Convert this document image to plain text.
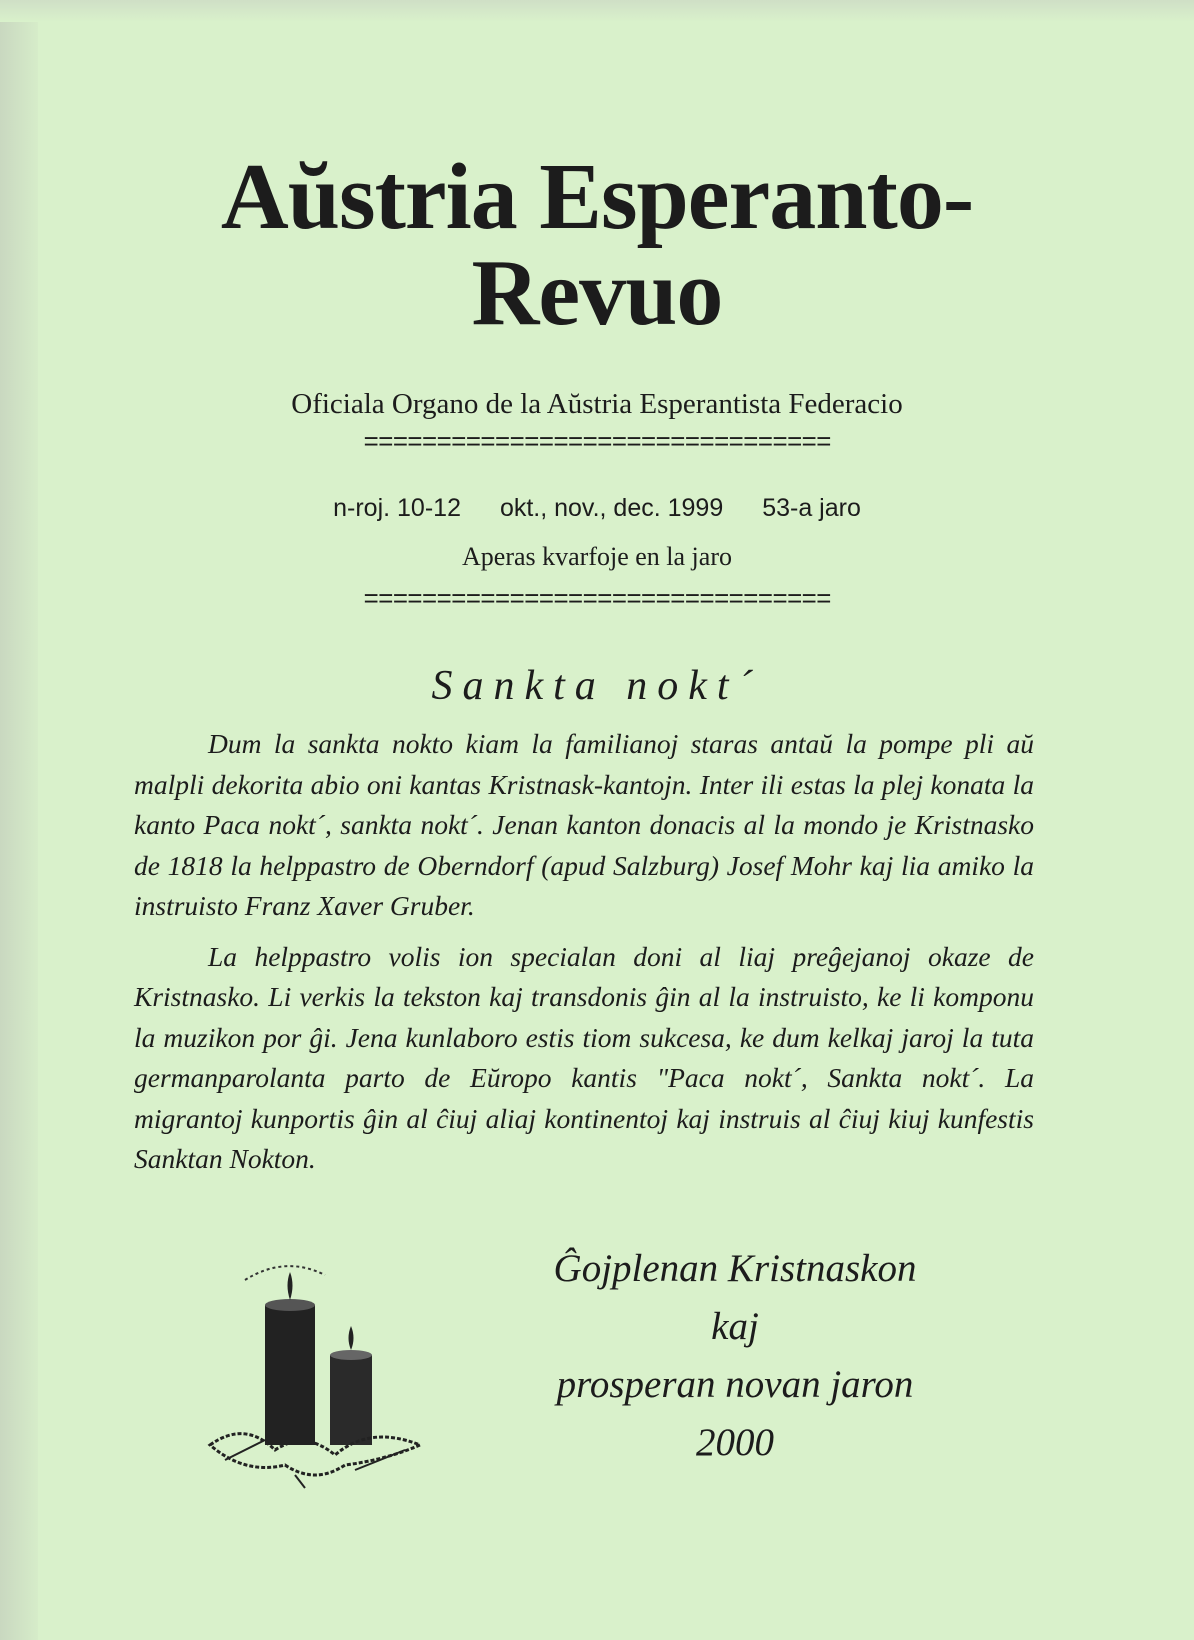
Aŭstria Esperanto-
Revuo
Oficiala Organo de la Aŭstria Esperantista Federacio
================================
n-roj. 10-12 okt., nov., dec. 1999 53-a jaro
Aperas kvarfoje en la jaro
================================
Sankta nokt´

Dum la sankta nokto kiam la familianoj staras antaŭ la pompe pli aŭ malpli dekorita abio oni kantas Kristnask-kantojn. Inter ili estas la plej konata la kanto Paca nokt´, sankta nokt´. Jenan kanton donacis al la mondo je Kristnasko de 1818 la helppastro de Oberndorf (apud Salzburg) Josef Mohr kaj lia amiko la instruisto Franz Xaver Gruber.

La helppastro volis ion specialan doni al liaj preĝejanoj okaze de Kristnasko. Li verkis la tekston kaj transdonis ĝin al la instruisto, ke li komponu la muzikon por ĝi. Jena kunlaboro estis tiom sukcesa, ke dum kelkaj jaroj la tuta germanparolanta parto de Eŭropo kantis "Paca nokt´, Sankta nokt´. La migrantoj kunportis ĝin al ĉiuj aliaj kontinentoj kaj instruis al ĉiuj kiuj kunfestis Sanktan Nokton.

Ĝojplenan Kristnaskon
kaj
prosperan novan jaron
2000
